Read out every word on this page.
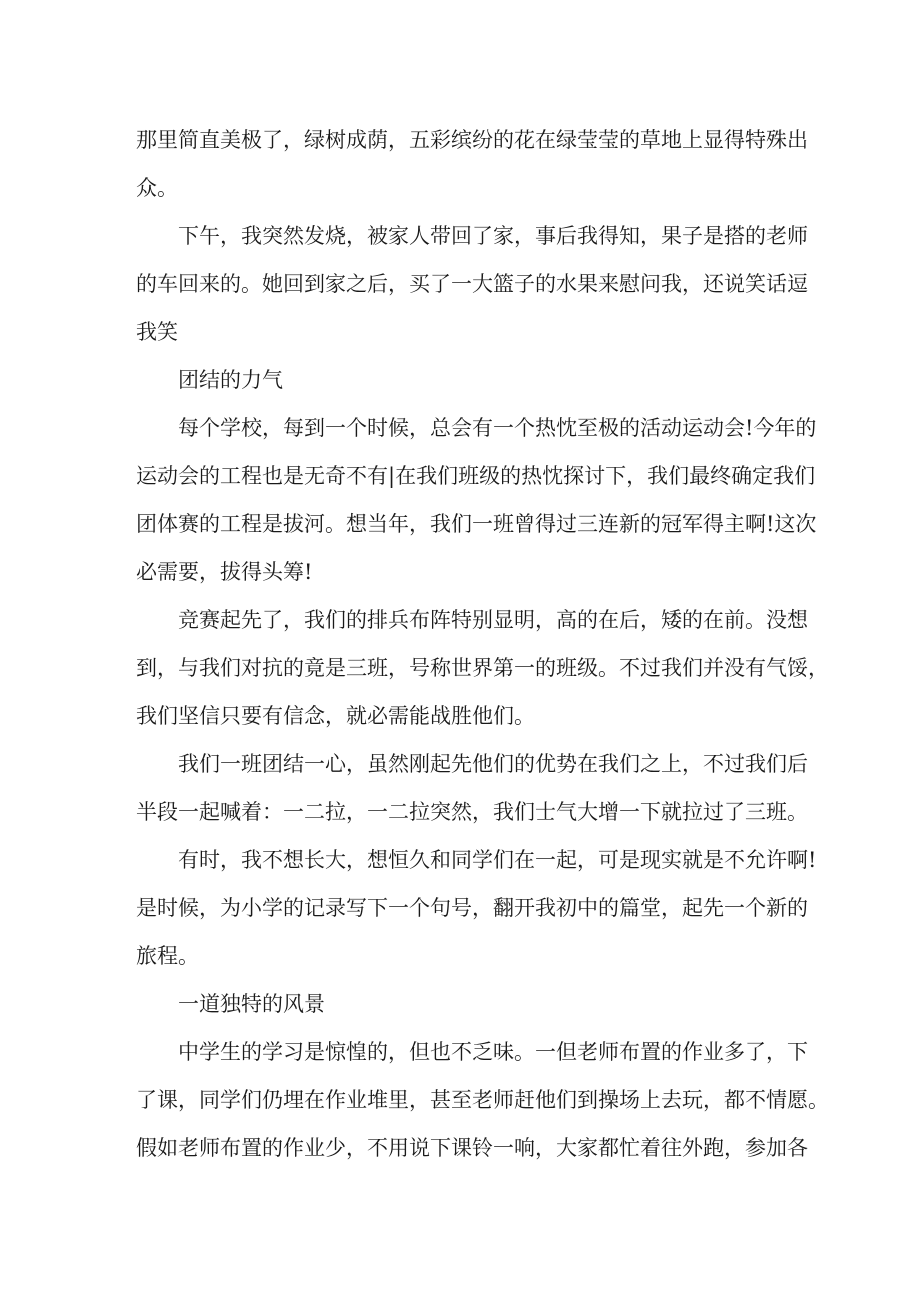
那里简直美极了，绿树成荫，五彩缤纷的花在绿莹莹的草地上显得特殊出
众。
下午，我突然发烧，被家人带回了家，事后我得知，果子是搭的老师
的车回来的。她回到家之后，买了一大篮子的水果来慰问我，还说笑话逗
我笑
团结的力气
每个学校，每到一个时候，总会有一个热忱至极的活动运动会!今年的
运动会的工程也是无奇不有|在我们班级的热忱探讨下，我们最终确定我们
团体赛的工程是拔河。想当年，我们一班曾得过三连新的冠军得主啊!这次
必需要，拔得头筹!
竞赛起先了，我们的排兵布阵特别显明，高的在后，矮的在前。没想
到，与我们对抗的竟是三班，号称世界第一的班级。不过我们并没有气馁，
我们坚信只要有信念，就必需能战胜他们。
我们一班团结一心，虽然刚起先他们的优势在我们之上，不过我们后
半段一起喊着：一二拉，一二拉突然，我们士气大增一下就拉过了三班。
有时，我不想长大，想恒久和同学们在一起，可是现实就是不允许啊!
是时候，为小学的记录写下一个句号，翻开我初中的篇堂，起先一个新的
旅程。
一道独特的风景
中学生的学习是惊惶的，但也不乏味。一但老师布置的作业多了，下
了课，同学们仍埋在作业堆里，甚至老师赶他们到操场上去玩，都不情愿。
假如老师布置的作业少，不用说下课铃一响，大家都忙着往外跑，参加各
